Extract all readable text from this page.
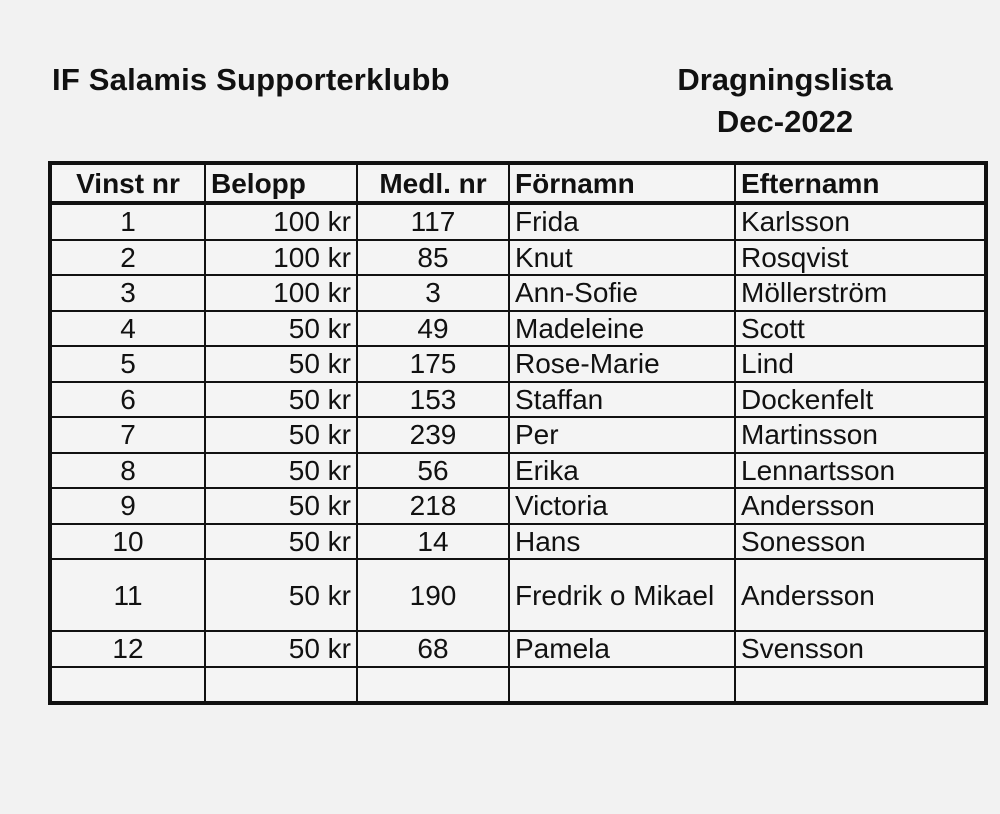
IF Salamis Supporterklubb	Dragningslista
Dec-2022
Vinst nr	Belopp	Medl. nr	Förnamn	Efternamn
1	100 kr	117	Frida	Karlsson
2	100 kr	85	Knut	Rosqvist
3	100 kr	3	Ann-Sofie	Möllerström
4	50 kr	49	Madeleine	Scott
5	50 kr	175	Rose-Marie	Lind
6	50 kr	153	Staffan	Dockenfelt
7	50 kr	239	Per	Martinsson
8	50 kr	56	Erika	Lennartsson
9	50 kr	218	Victoria	Andersson
10	50 kr	14	Hans	Sonesson
11	50 kr	190	Fredrik o Mikael	Andersson
12	50 kr	68	Pamela	Svensson
